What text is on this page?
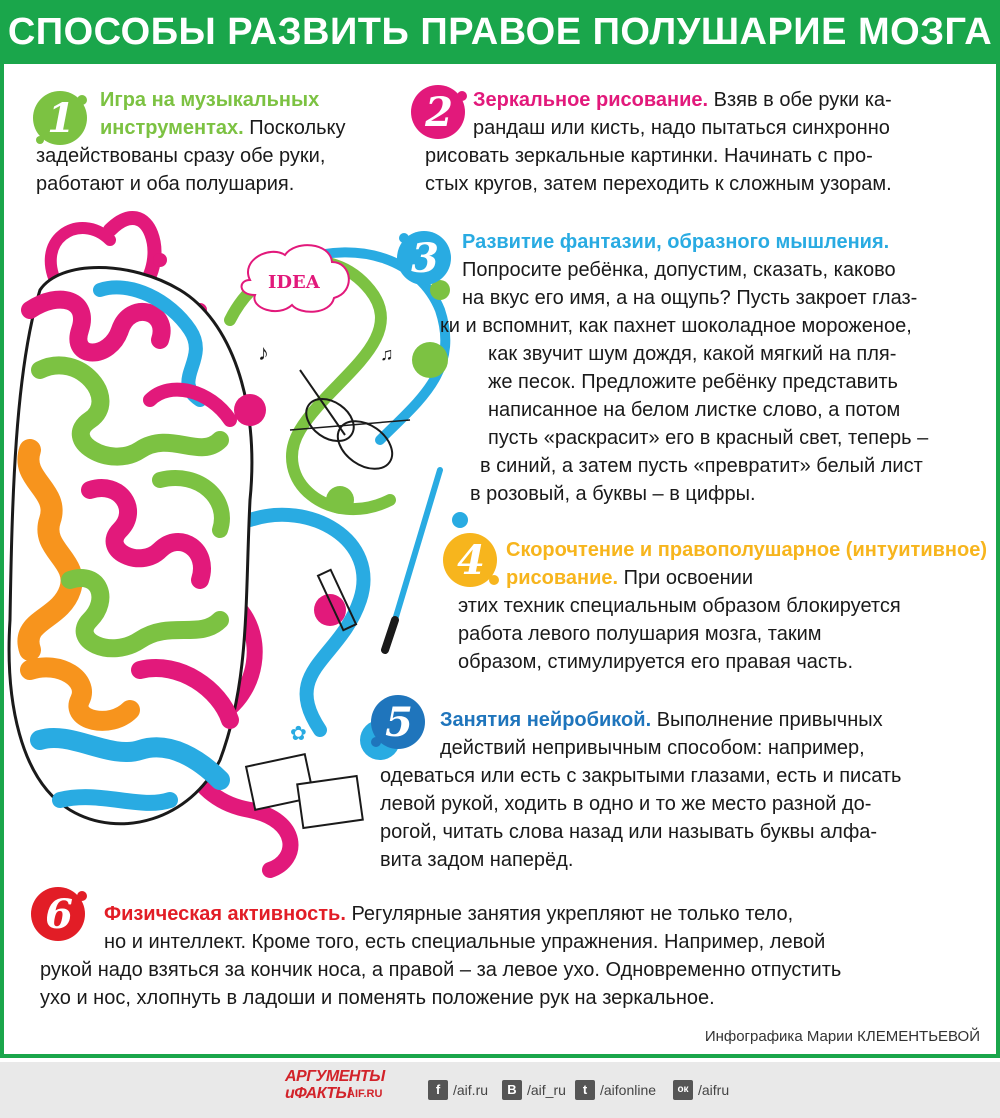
СПОСОБЫ РАЗВИТЬ ПРАВОЕ ПОЛУШАРИЕ МОЗГА
IDEA
♪	♫
✿
1	2
3
4
5
6

Игра на музыкальных инструментах. Поскольку

задействованы сразу обе руки,

работают и оба полушария.

Зеркальное рисование. Взяв в обе руки ка-

рандаш или кисть, надо пытаться синхронно

рисовать зеркальные картинки. Начинать с про-

стых кругов, затем переходить к сложным узорам.

Развитие фантазии, образного мышления.

Попросите ребёнка, допустим, сказать, каково

на вкус его имя, а на ощупь? Пусть закроет глаз-

ки и вспомнит, как пахнет шоколадное мороженое,

как звучит шум дождя, какой мягкий на пля-

же песок. Предложите ребёнку представить

написанное на белом листке слово, а потом

пусть «раскрасит» его в красный свет, теперь –

в синий, а затем пусть «превратит» белый лист

в розовый, а буквы – в цифры.

Скорочтение и правополушарное (интуитивное) рисование. При освоении

этих техник специальным образом блокируется

работа левого полушария мозга, таким

образом, стимулируется его правая часть.

Занятия нейробикой. Выполнение привычных

действий непривычным способом: например,

одеваться или есть с закрытыми глазами, есть и писать

левой рукой, ходить в одно и то же место разной до-

рогой, читать слова назад или называть буквы алфа-

вита задом наперёд.

Физическая активность. Регулярные занятия укрепляют не только тело,

но и интеллект. Кроме того, есть специальные упражнения. Например, левой

рукой надо взяться за кончик носа, а правой – за левое ухо. Одновременно отпустить

ухо и нос, хлопнуть в ладоши и поменять положение рук на зеркальное.

Инфографика Марии КЛЕМЕНТЬЕВОЙ
АРГУМЕНТЫ
иФАКТЫ
AIF.RU	f /aif.ru	В /aif_ru	t /aifonline	ок /aifru
